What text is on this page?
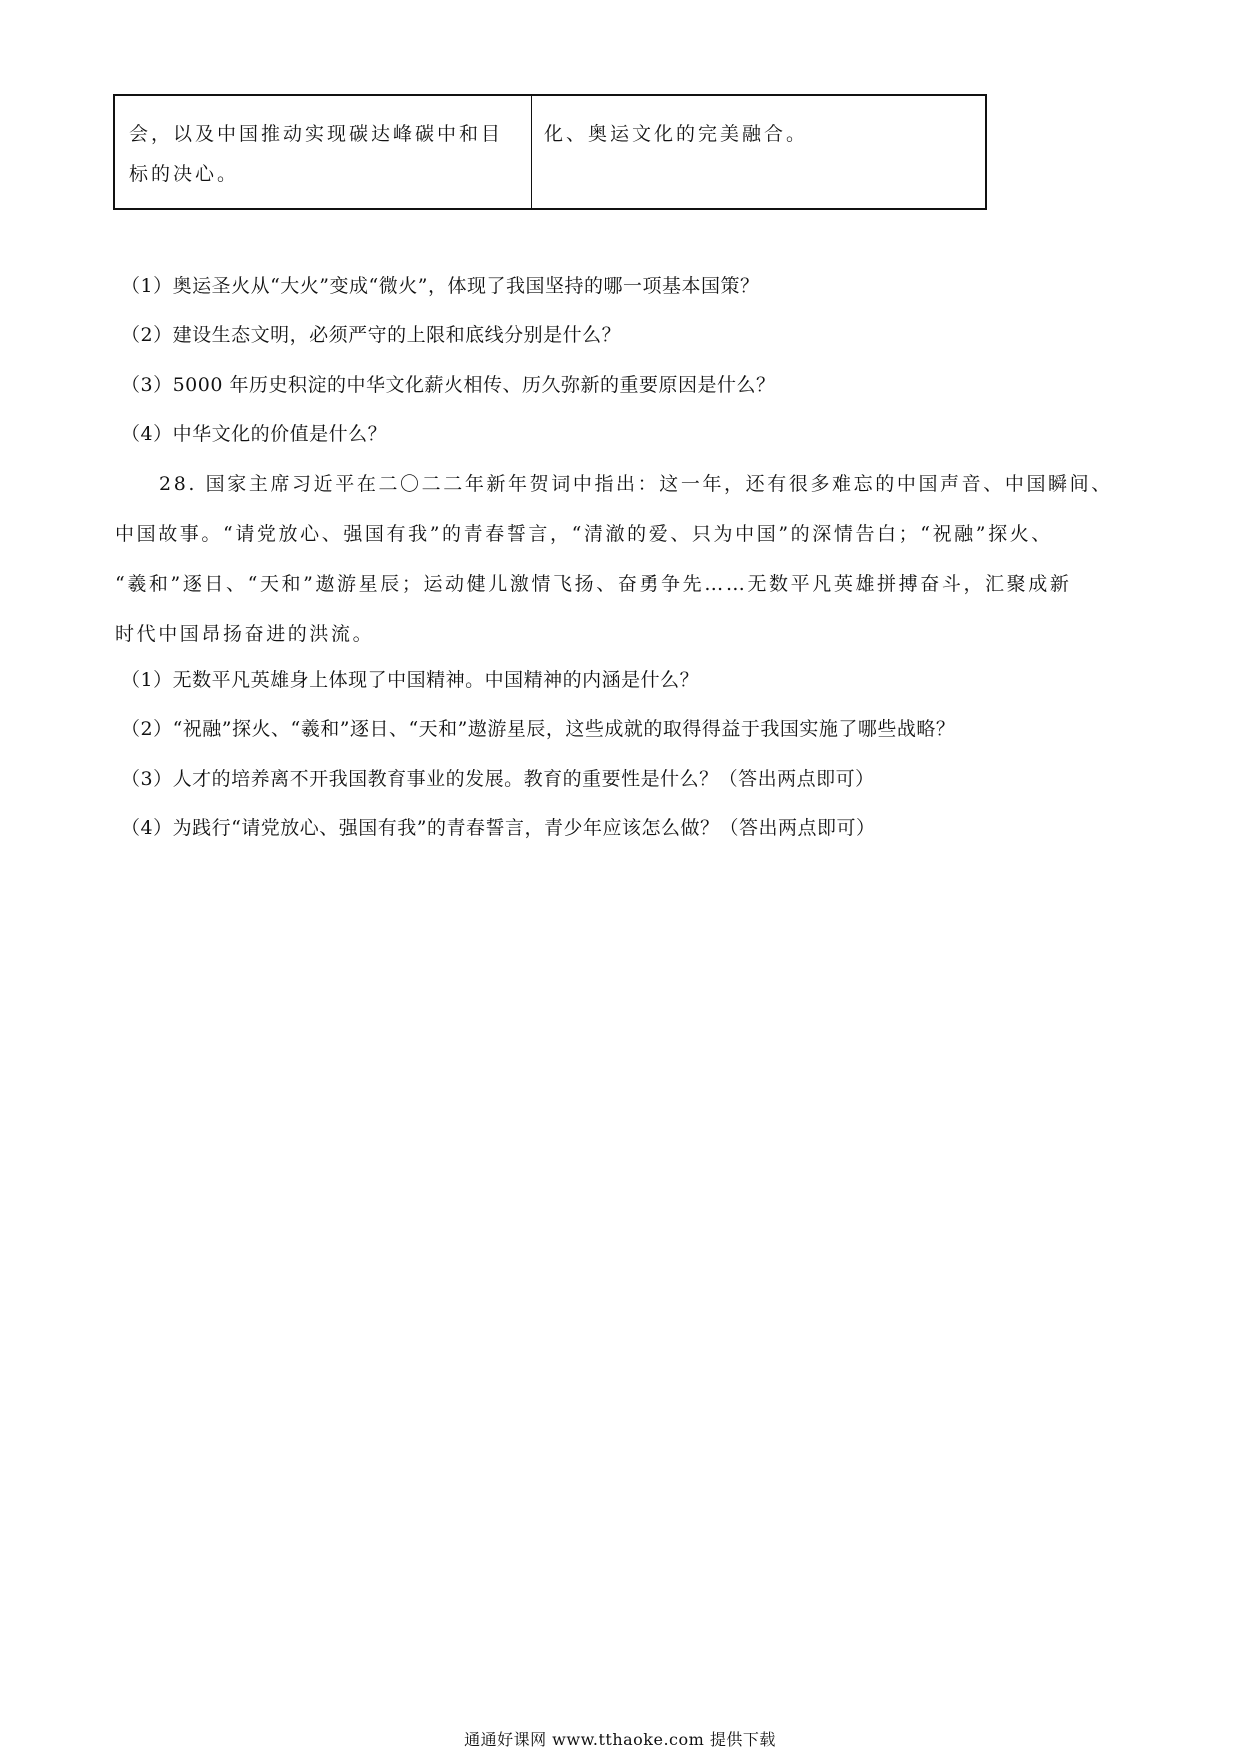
会，以及中国推动实现碳达峰碳中和目
标的决心。
化、奥运文化的完美融合。
（1）奥运圣火从“大火”变成“微火”，体现了我国坚持的哪一项基本国策？
（2）建设生态文明，必须严守的上限和底线分别是什么？
（3）5000 年历史积淀的中华文化薪火相传、历久弥新的重要原因是什么？
（4）中华文化的价值是什么？
28. 国家主席习近平在二〇二二年新年贺词中指出：这一年，还有很多难忘的中国声音、中国瞬间、
中国故事。“请党放心、强国有我”的青春誓言，“清澈的爱、只为中国”的深情告白；“祝融”探火、
“羲和”逐日、“天和”遨游星辰；运动健儿激情飞扬、奋勇争先……无数平凡英雄拼搏奋斗，汇聚成新
时代中国昂扬奋进的洪流。
（1）无数平凡英雄身上体现了中国精神。中国精神的内涵是什么？
（2）“祝融”探火、“羲和”逐日、“天和”遨游星辰，这些成就的取得得益于我国实施了哪些战略？
（3）人才的培养离不开我国教育事业的发展。教育的重要性是什么？（答出两点即可）
（4）为践行“请党放心、强国有我”的青春誓言，青少年应该怎么做？（答出两点即可）
通通好课网 www.tthaoke.com 提供下载
